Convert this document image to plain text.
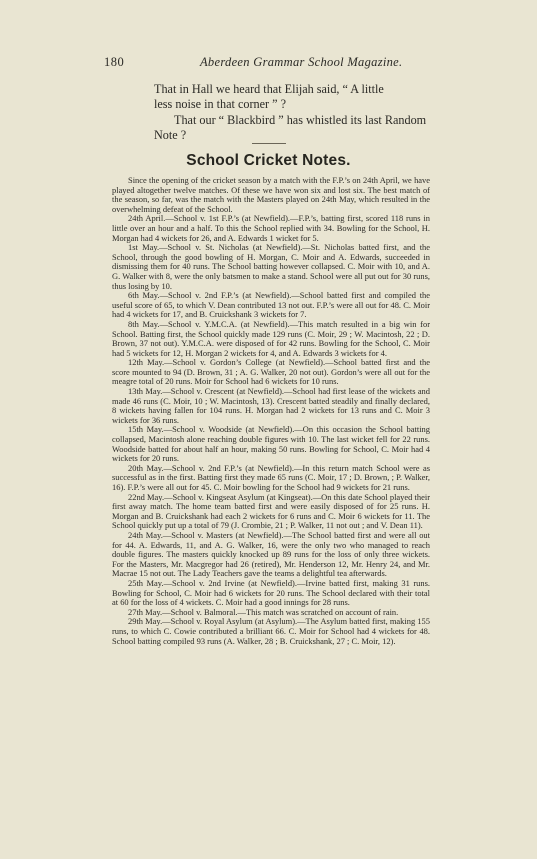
180	Aberdeen Grammar School Magazine.

That in Hall we heard that Elijah said, “ A little
less noise in that corner ” ?

That our “ Blackbird ” has whistled its last Random
Note ?

School Cricket Notes.

Since the opening of the cricket season by a match with the F.P.’s on 24th April, we have played altogether twelve matches. Of these we have won six and lost six. The best match of the season, so far, was the match with the Masters played on 24th May, which resulted in the overwhelming defeat of the School.

24th April.—School v. 1st F.P.’s (at Newfield).—F.P.’s, batting first, scored 118 runs in little over an hour and a half. To this the School replied with 34. Bowling for the School, H. Morgan had 4 wickets for 26, and A. Edwards 1 wicket for 5.

1st May.—School v. St. Nicholas (at Newfield).—St. Nicholas batted first, and the School, through the good bowling of H. Morgan, C. Moir and A. Edwards, succeeded in dismissing them for 40 runs. The School batting however collapsed. C. Moir with 10, and A. G. Walker with 8, were the only batsmen to make a stand. School were all put out for 30 runs, thus losing by 10.

6th May.—School v. 2nd F.P.’s (at Newfield).—School batted first and compiled the useful score of 65, to which V. Dean contributed 13 not out. F.P.’s were all out for 48. C. Moir had 4 wickets for 17, and B. Cruickshank 3 wickets for 7.

8th May.—School v. Y.M.C.A. (at Newfield).—This match resulted in a big win for School. Batting first, the School quickly made 129 runs (C. Moir, 29 ; W. Macintosh, 22 ; D. Brown, 37 not out). Y.M.C.A. were disposed of for 42 runs. Bowling for the School, C. Moir had 5 wickets for 12, H. Morgan 2 wickets for 4, and A. Edwards 3 wickets for 4.

12th May.—School v. Gordon’s College (at Newfield).—School batted first and the score mounted to 94 (D. Brown, 31 ; A. G. Walker, 20 not out). Gordon’s were all out for the meagre total of 20 runs. Moir for School had 6 wickets for 10 runs.

13th May.—School v. Crescent (at Newfield).—School had first lease of the wickets and made 46 runs (C. Moir, 10 ; W. Macintosh, 13). Crescent batted steadily and finally declared, 8 wickets having fallen for 104 runs. H. Morgan had 2 wickets for 13 runs and C. Moir 3 wickets for 36 runs.

15th May.—School v. Woodside (at Newfield).—On this occasion the School batting collapsed, Macintosh alone reaching double figures with 10. The last wicket fell for 22 runs. Woodside batted for about half an hour, making 50 runs. Bowling for School, C. Moir had 4 wickets for 20 runs.

20th May.—School v. 2nd F.P.’s (at Newfield).—In this return match School were as successful as in the first. Batting first they made 65 runs (C. Moir, 17 ; D. Brown, ; P. Walker, 16). F.P.’s were all out for 45. C. Moir bowling for the School had 9 wickets for 21 runs.

22nd May.—School v. Kingseat Asylum (at Kingseat).—On this date School played their first away match. The home team batted first and were easily disposed of for 25 runs. H. Morgan and B. Cruickshank had each 2 wickets for 6 runs and C. Moir 6 wickets for 11. The School quickly put up a total of 79 (J. Crombie, 21 ; P. Walker, 11 not out ; and V. Dean 11).

24th May.—School v. Masters (at Newfield).—The School batted first and were all out for 44. A. Edwards, 11, and A. G. Walker, 16, were the only two who managed to reach double figures. The masters quickly knocked up 89 runs for the loss of only three wickets. For the Masters, Mr. Macgregor had 26 (retired), Mr. Henderson 12, Mr. Henry 24, and Mr. Macrae 15 not out. The Lady Teachers gave the teams a delightful tea afterwards.

25th May.—School v. 2nd Irvine (at Newfield).—Irvine batted first, making 31 runs. Bowling for School, C. Moir had 6 wickets for 20 runs. The School declared with their total at 60 for the loss of 4 wickets. C. Moir had a good innings for 28 runs.

27th May.—School v. Balmoral.—This match was scratched on account of rain.

29th May.—School v. Royal Asylum (at Asylum).—The Asylum batted first, making 155 runs, to which C. Cowie contributed a brilliant 66. C. Moir for School had 4 wickets for 48. School batting compiled 93 runs (A. Walker, 28 ; B. Cruickshank, 27 ; C. Moir, 12).
